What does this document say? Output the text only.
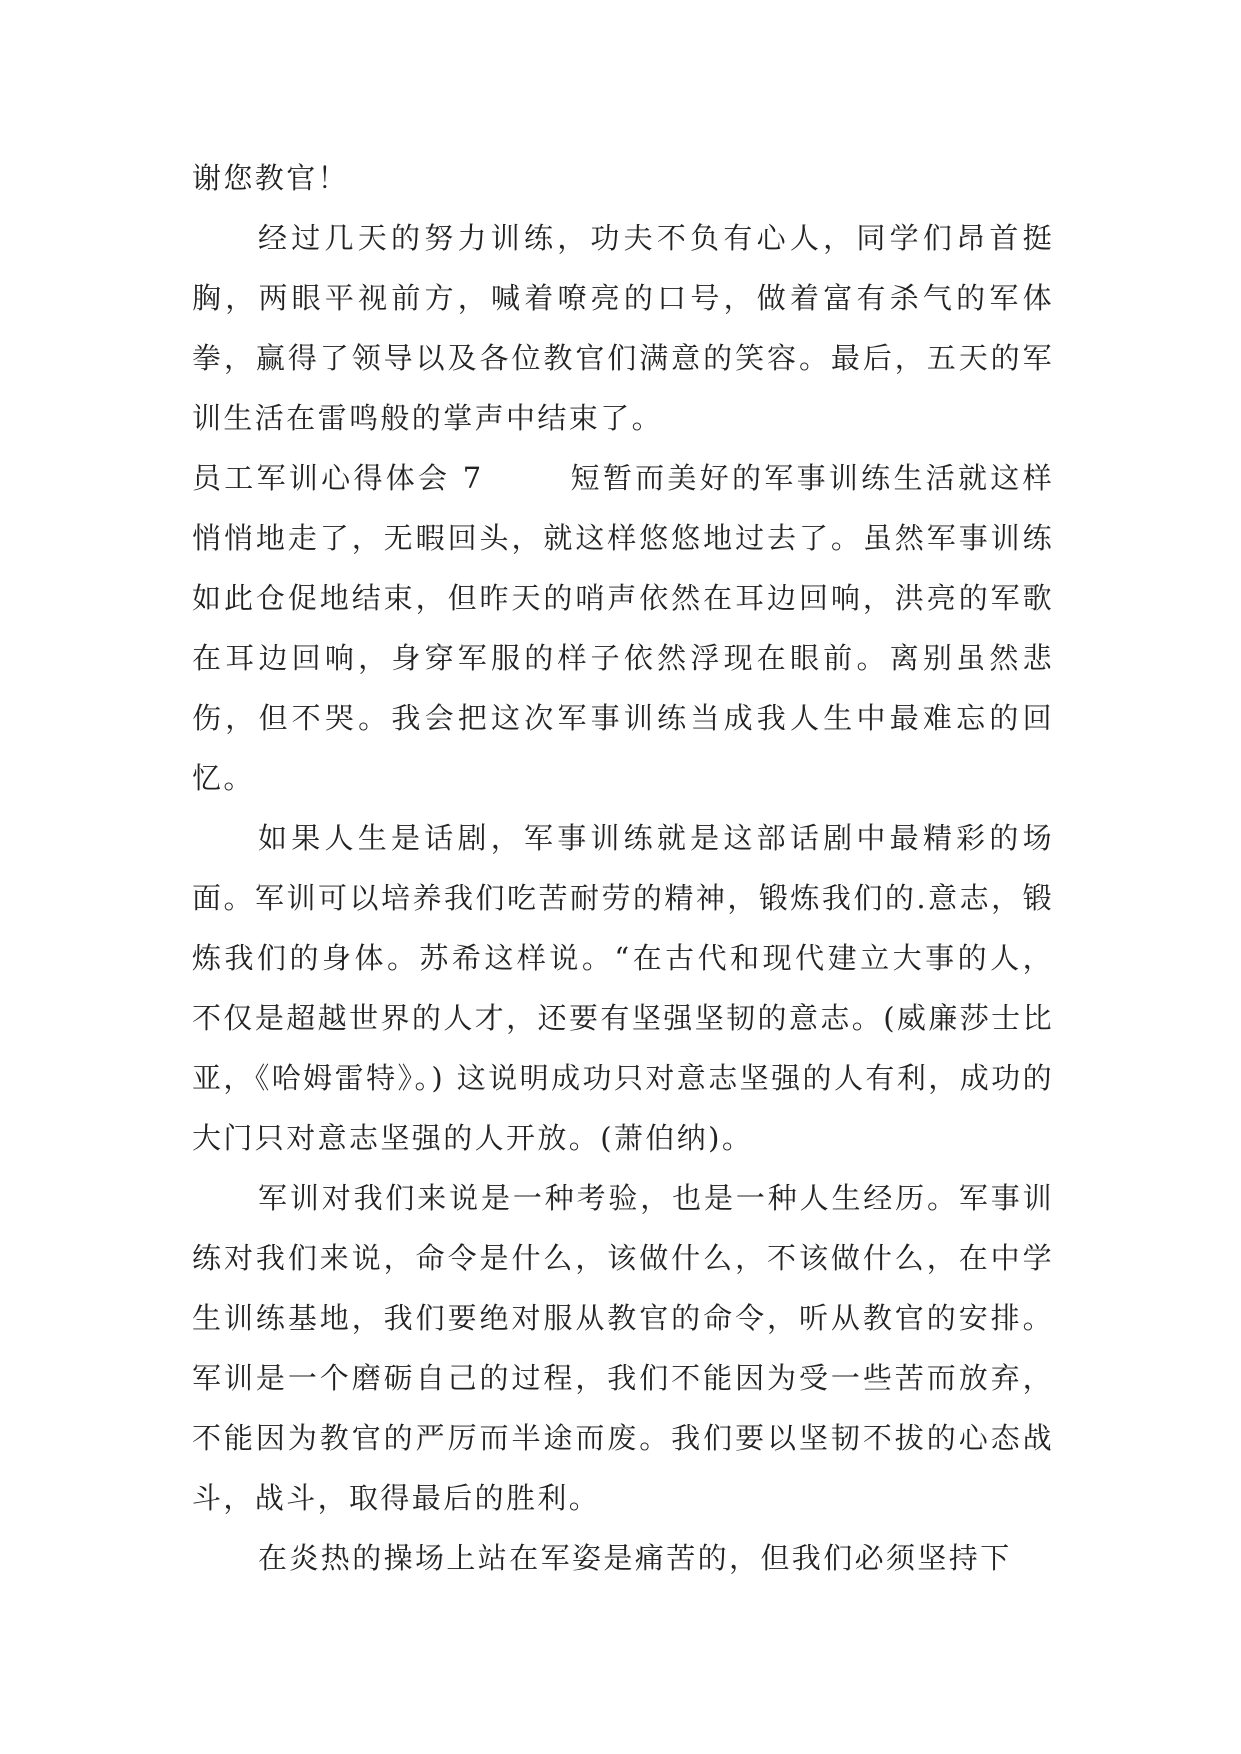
谢您教官！

经过几天的努力训练，功夫不负有心人，同学们昂首挺胸，两眼平视前方，喊着嘹亮的口号，做着富有杀气的军体拳，赢得了领导以及各位教官们满意的笑容。最后，五天的军训生活在雷鸣般的掌声中结束了。

员工军训心得体会 7	短暂而美好的军事训练生活就这样悄悄地走了，无暇回头，就这样悠悠地过去了。虽然军事训练如此仓促地结束，但昨天的哨声依然在耳边回响，洪亮的军歌在耳边回响，身穿军服的样子依然浮现在眼前。离别虽然悲伤，但不哭。我会把这次军事训练当成我人生中最难忘的回忆。

如果人生是话剧，军事训练就是这部话剧中最精彩的场面。军训可以培养我们吃苦耐劳的精神，锻炼我们的.意志，锻炼我们的身体。苏希这样说。“在古代和现代建立大事的人，不仅是超越世界的人才，还要有坚强坚韧的意志。(威廉莎士比亚，《哈姆雷特》。) 这说明成功只对意志坚强的人有利，成功的大门只对意志坚强的人开放。(萧伯纳)。

军训对我们来说是一种考验，也是一种人生经历。军事训练对我们来说，命令是什么，该做什么，不该做什么，在中学生训练基地，我们要绝对服从教官的命令，听从教官的安排。军训是一个磨砺自己的过程，我们不能因为受一些苦而放弃，不能因为教官的严厉而半途而废。我们要以坚韧不拔的心态战斗，战斗，取得最后的胜利。

在炎热的操场上站在军姿是痛苦的，但我们必须坚持下
